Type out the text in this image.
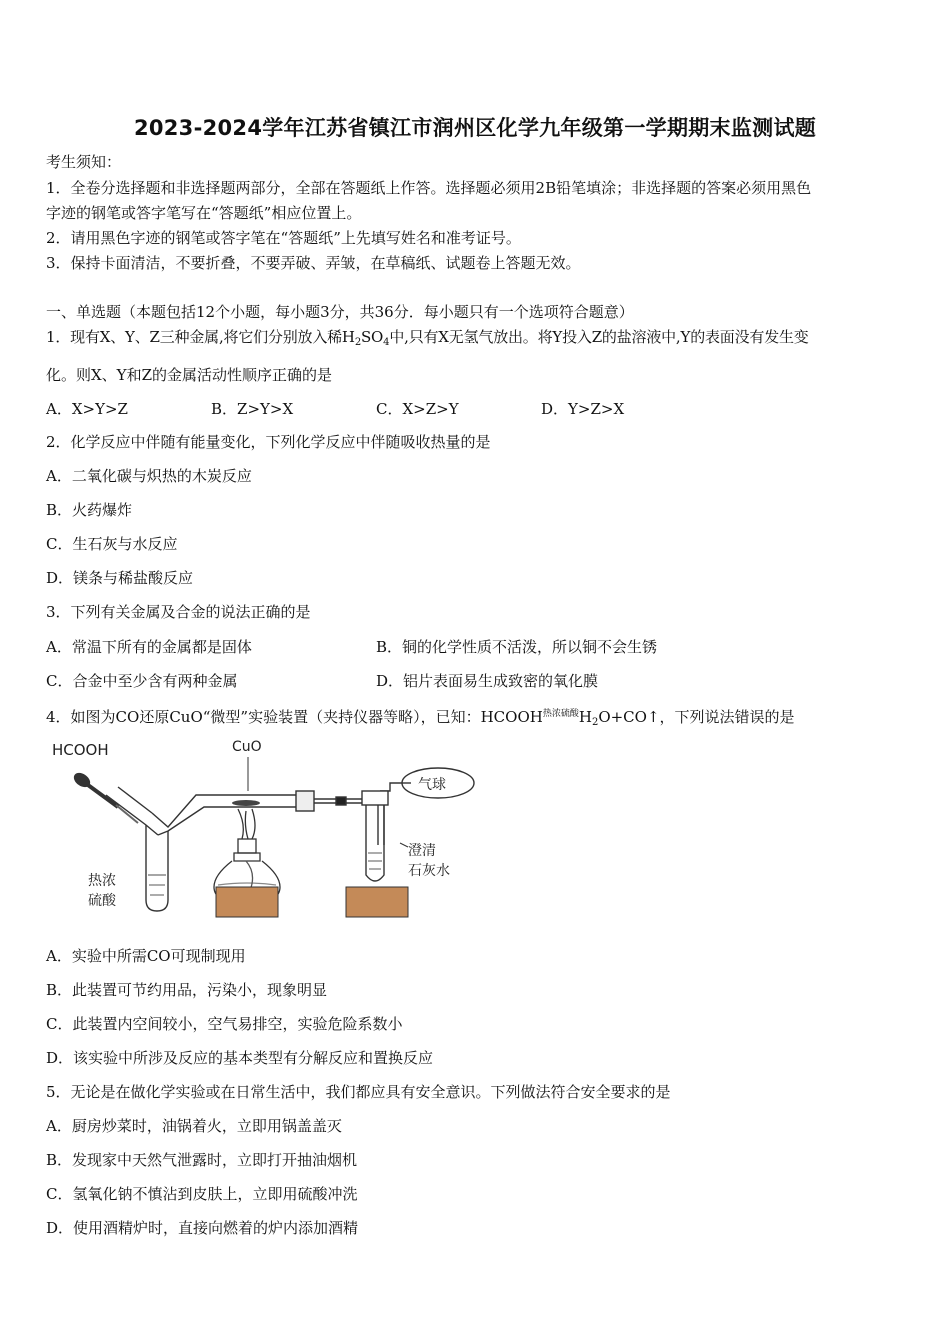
2023-2024学年江苏省镇江市润州区化学九年级第一学期期末监测试题
考生须知：
1．全卷分选择题和非选择题两部分，全部在答题纸上作答。选择题必须用2B铅笔填涂；非选择题的答案必须用黑色
字迹的钢笔或答字笔写在“答题纸”相应位置上。
2．请用黑色字迹的钢笔或答字笔在“答题纸”上先填写姓名和准考证号。
3．保持卡面清洁，不要折叠，不要弄破、弄皱，在草稿纸、试题卷上答题无效。
一、单选题（本题包括12个小题，每小题3分，共36分．每小题只有一个选项符合题意）
1．现有X、Y、Z三种金属,将它们分别放入稀$H_2SO_4$中,只有X无氢气放出。将Y投入Z的盐溶液中,Y的表面没有发生变
化。则X、Y和Z的金属活动性顺序正确的是
A．X>Y>Z	B．Z>Y>X	C．X>Z>Y	D．Y>Z>X
2．化学反应中伴随有能量变化，下列化学反应中伴随吸收热量的是
A．二氧化碳与炽热的木炭反应
B．火药爆炸
C．生石灰与水反应
D．镁条与稀盐酸反应
3．下列有关金属及合金的说法正确的是
A．常温下所有的金属都是固体	B．铜的化学性质不活泼，所以铜不会生锈
C．合金中至少含有两种金属	D．铝片表面易生成致密的氧化膜
4．如图为CO还原CuO“微型”实验装置（夹持仪器等略），已知：$HCOOH^{热浓硫酸}H_2O+CO↑$，下列说法错误的是
HCOOH	CuO
气球
热浓
硫酸
澄清
石灰水
A．实验中所需CO可现制现用
B．此装置可节约用品，污染小，现象明显
C．此装置内空间较小，空气易排空，实验危险系数小
D．该实验中所涉及反应的基本类型有分解反应和置换反应
5．无论是在做化学实验或在日常生活中，我们都应具有安全意识。下列做法符合安全要求的是
A．厨房炒菜时，油锅着火，立即用锅盖盖灭
B．发现家中天然气泄露时，立即打开抽油烟机
C．氢氧化钠不慎沾到皮肤上，立即用硫酸冲洗
D．使用酒精炉时，直接向燃着的炉内添加酒精
